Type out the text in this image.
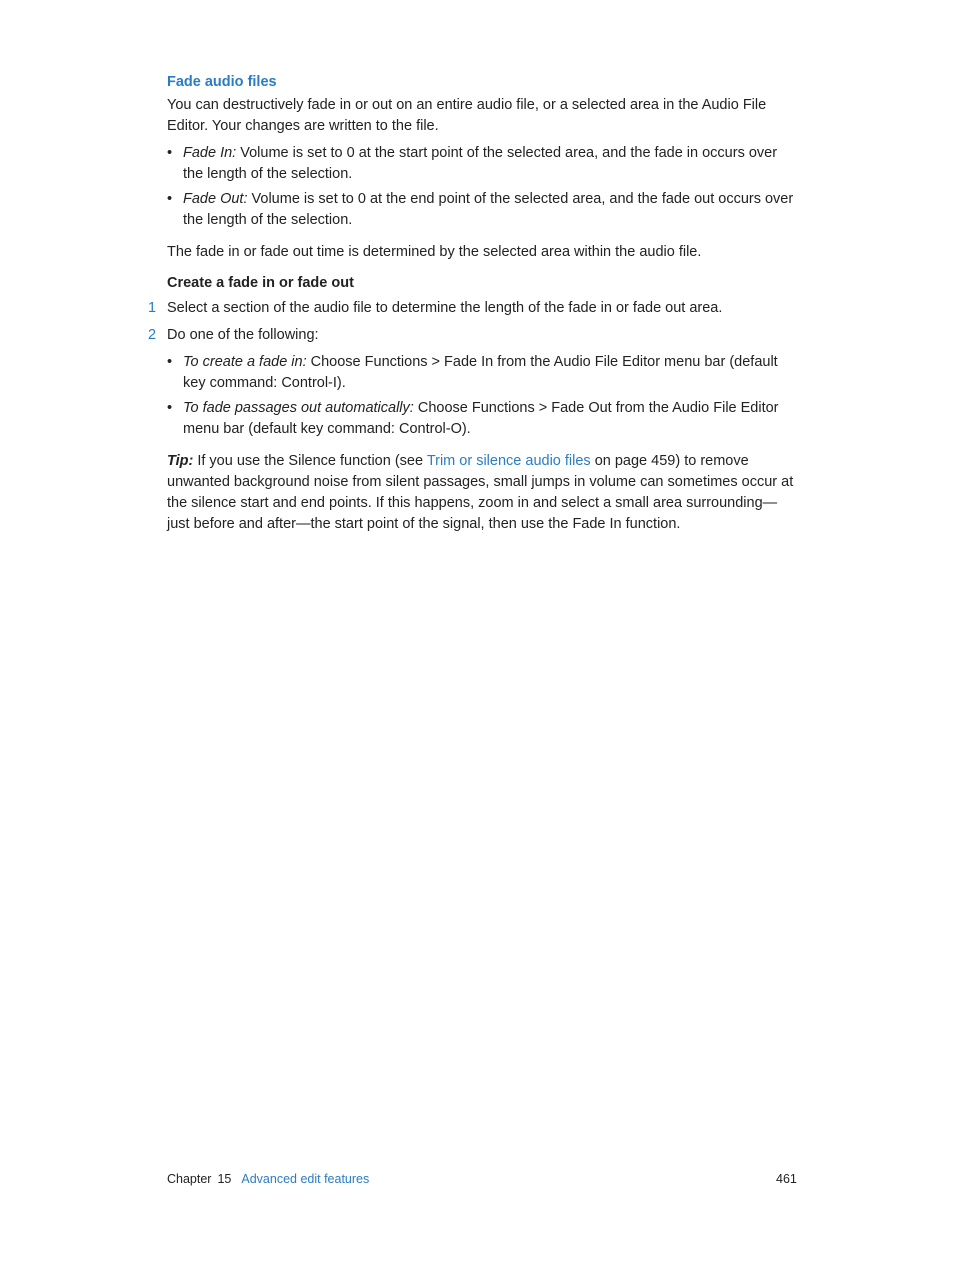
Fade audio files
You can destructively fade in or out on an entire audio file, or a selected area in the Audio File Editor. Your changes are written to the file.
• Fade In: Volume is set to 0 at the start point of the selected area, and the fade in occurs over the length of the selection.
• Fade Out: Volume is set to 0 at the end point of the selected area, and the fade out occurs over the length of the selection.
The fade in or fade out time is determined by the selected area within the audio file.
Create a fade in or fade out
1 Select a section of the audio file to determine the length of the fade in or fade out area.
2 Do one of the following:
• To create a fade in: Choose Functions > Fade In from the Audio File Editor menu bar (default key command: Control-I).
• To fade passages out automatically: Choose Functions > Fade Out from the Audio File Editor menu bar (default key command: Control-O).
Tip: If you use the Silence function (see Trim or silence audio files on page 459) to remove unwanted background noise from silent passages, small jumps in volume can sometimes occur at the silence start and end points. If this happens, zoom in and select a small area surrounding—just before and after—the start point of the signal, then use the Fade In function.
Chapter 15 Advanced edit features	461
